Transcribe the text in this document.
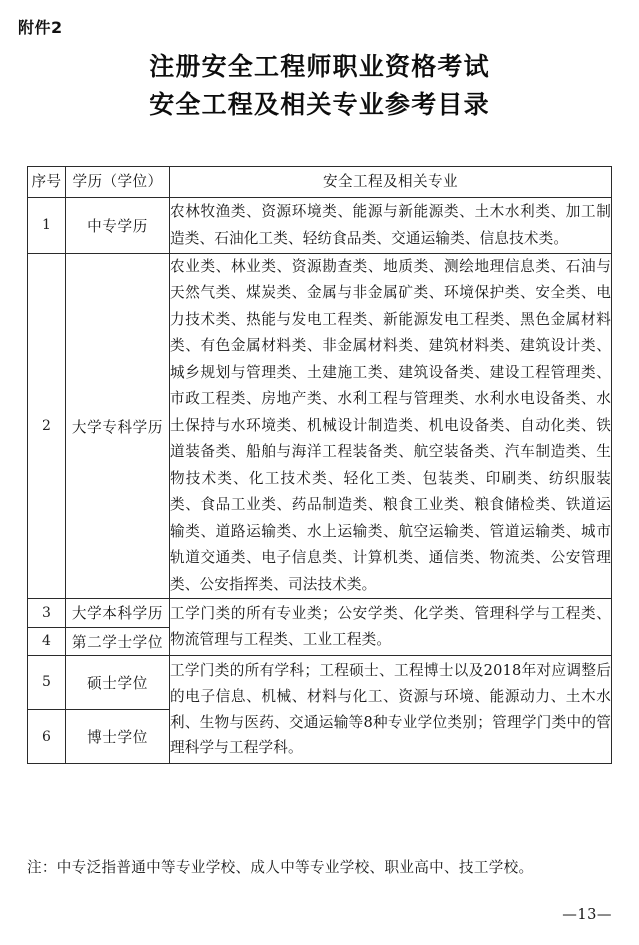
附件2
注册安全工程师职业资格考试
安全工程及相关专业参考目录
序号	学历（学位）	安全工程及相关专业
1	中专学历	农林牧渔类、资源环境类、能源与新能源类、土木水利类、加工制造类、石油化工类、轻纺食品类、交通运输类、信息技术类。
2	大学专科学历	农业类、林业类、资源勘查类、地质类、测绘地理信息类、石油与天然气类、煤炭类、金属与非金属矿类、环境保护类、安全类、电力技术类、热能与发电工程类、新能源发电工程类、黑色金属材料类、有色金属材料类、非金属材料类、建筑材料类、建筑设计类、城乡规划与管理类、土建施工类、建筑设备类、建设工程管理类、市政工程类、房地产类、水利工程与管理类、水利水电设备类、水土保持与水环境类、机械设计制造类、机电设备类、自动化类、铁道装备类、船舶与海洋工程装备类、航空装备类、汽车制造类、生物技术类、化工技术类、轻化工类、包装类、印刷类、纺织服装类、食品工业类、药品制造类、粮食工业类、粮食储检类、铁道运输类、道路运输类、水上运输类、航空运输类、管道运输类、城市轨道交通类、电子信息类、计算机类、通信类、物流类、公安管理类、公安指挥类、司法技术类。
3	大学本科学历	工学门类的所有专业类；公安学类、化学类、管理科学与工程类、物流管理与工程类、工业工程类。
4	第二学士学位	
5	硕士学位	工学门类的所有学科；工程硕士、工程博士以及2018年对应调整后的电子信息、机械、材料与化工、资源与环境、能源动力、土木水利、生物与医药、交通运输等8种专业学位类别；管理学门类中的管理科学与工程学科。
6	博士学位	
注：中专泛指普通中等专业学校、成人中等专业学校、职业高中、技工学校。
—13—
